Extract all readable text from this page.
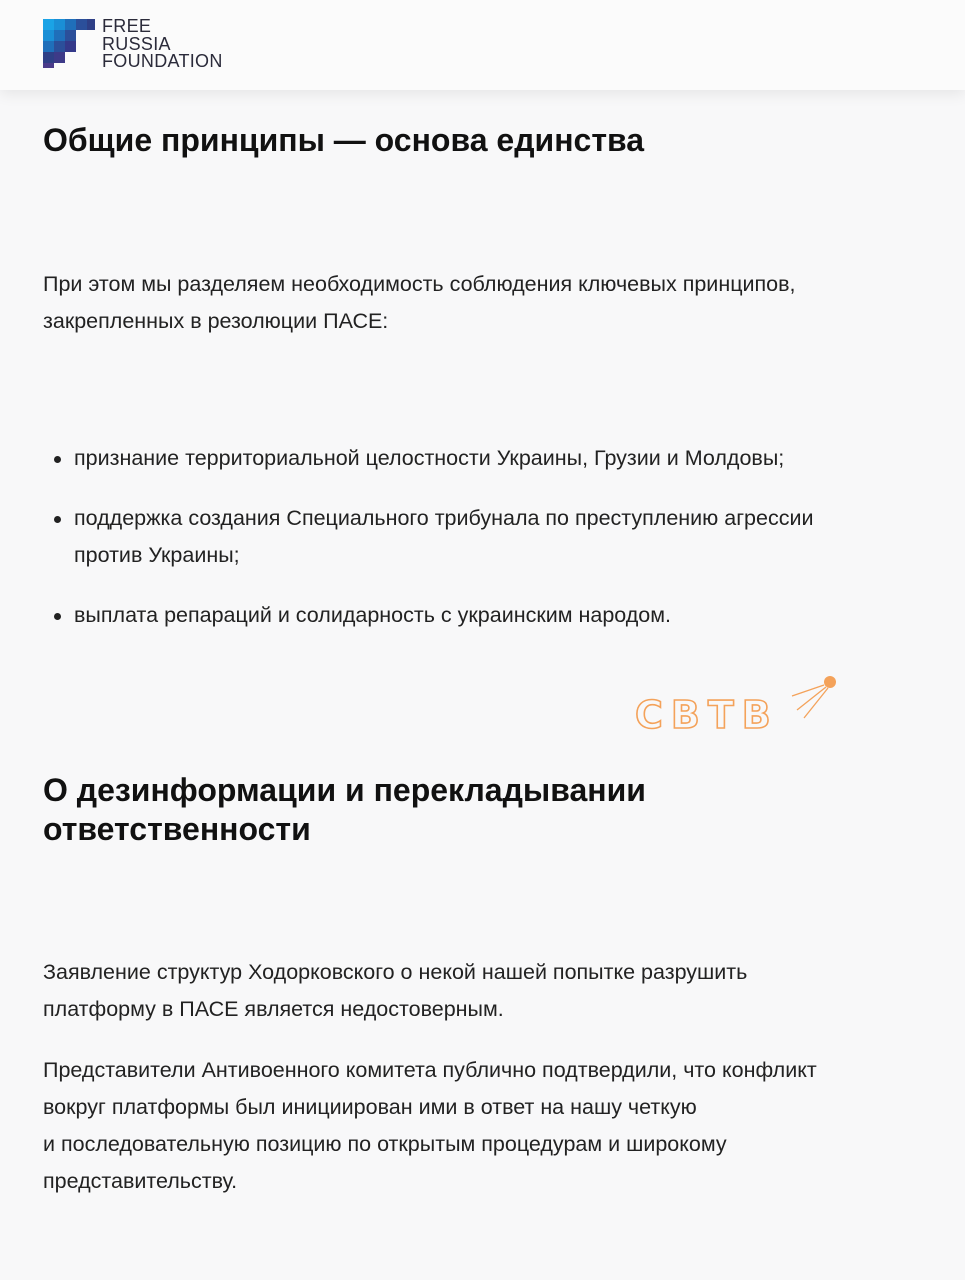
FREE
RUSSIA
FOUNDATION
Общие принципы — основа единства

При этом мы разделяем необходимость соблюдения ключевых принципов,
закрепленных в резолюции ПАСЕ:

признание территориальной целостности Украины, Грузии и Молдовы;
поддержка создания Специального трибунала по преступлению агрессии
против Украины;
выплата репараций и солидарность с украинским народом.
СВТВ
О дезинформации и перекладывании
ответственности

Заявление структур Ходорковского о некой нашей попытке разрушить
платформу в ПАСЕ является недостоверным.

Представители Антивоенного комитета публично подтвердили, что конфликт
вокруг платформы был инициирован ими в ответ на нашу четкую
и последовательную позицию по открытым процедурам и широкому
представительству.
